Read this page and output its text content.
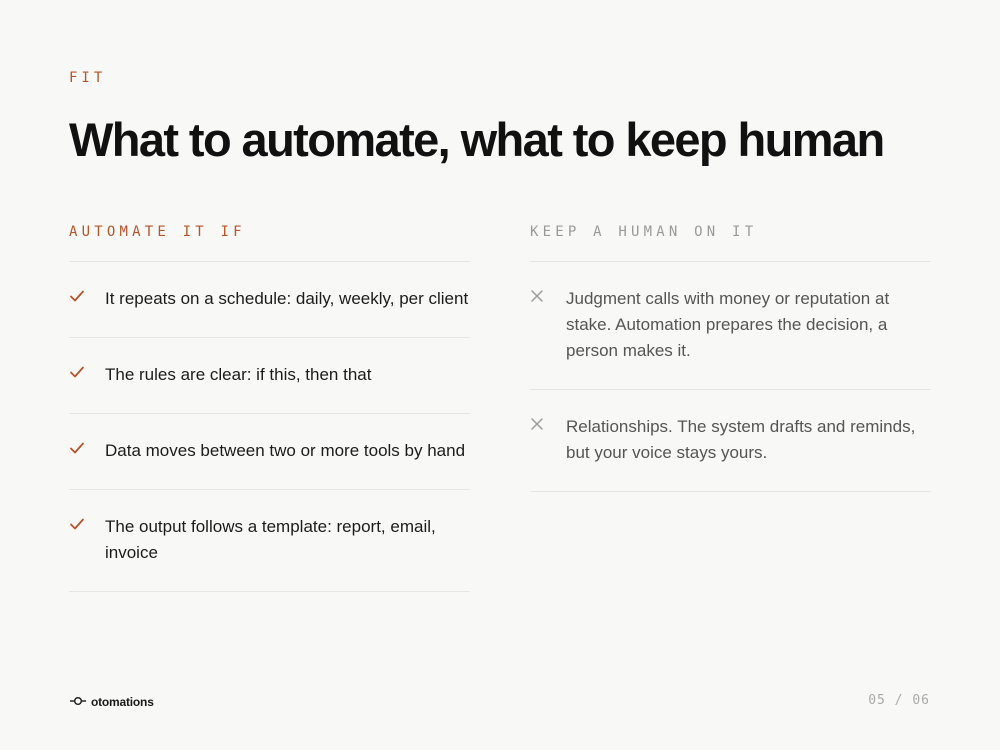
FIT
What to automate, what to keep human
AUTOMATE IT IF
It repeats on a schedule: daily, weekly, per client
The rules are clear: if this, then that
Data moves between two or more tools by hand
The output follows a template: report, email, invoice
KEEP A HUMAN ON IT
Judgment calls with money or reputation at stake. Automation prepares the decision, a person makes it.
Relationships. The system drafts and reminds, but your voice stays yours.
otomations	05 / 06
